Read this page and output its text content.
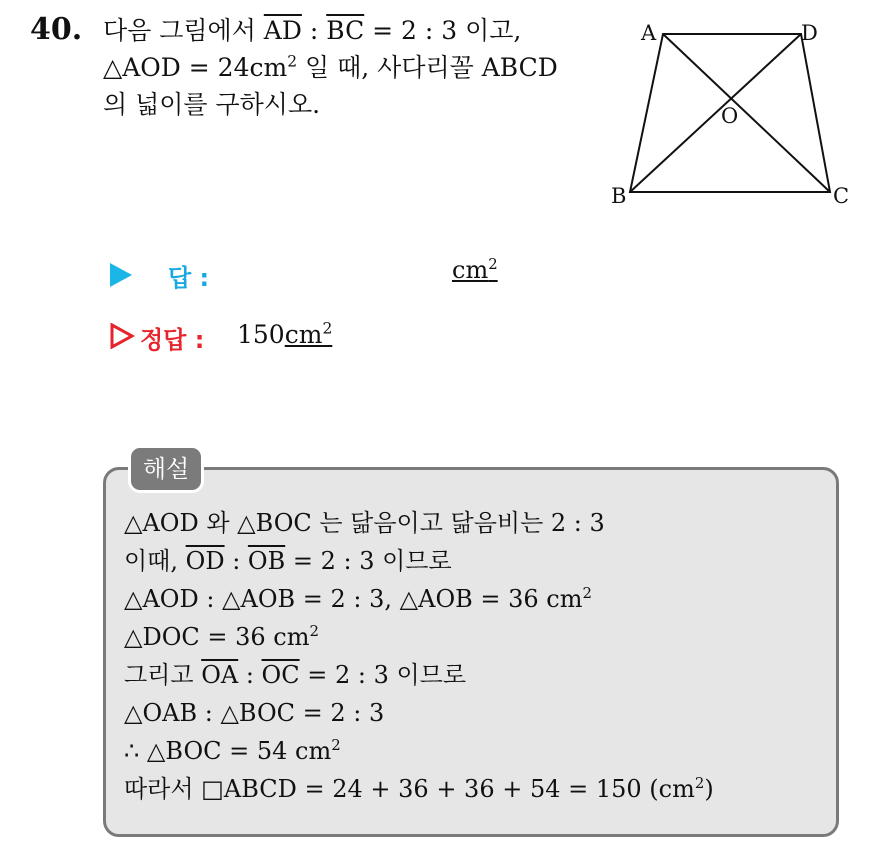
40. 다음 그림에서 $\overline{AD}$ : $\overline{BC} = 2$ : 3 이고,
△AOD = $24cm^2$ 일 때, 사다리꼴 ABCD
의 넓이를 구하시오.
A	D
B	C
O
답 :	$cm^2$
정답 : $150cm^2$
해설
△AOD 와 △BOC 는 닮음이고 닮음비는 2 : 3
이때, $\overline{OD}$ : $\overline{OB} = 2$ : 3 이므로
△AOD : △AOB = 2 : 3, △AOB = 36 $cm^2$
△DOC = 36 $cm^2$
그리고 $\overline{OA}$ : $\overline{OC} = 2$ : 3 이므로
△OAB : △BOC = 2 : 3
∴ △BOC = 54 $cm^2$
따라서 □ABCD = 24 + 36 + 36 + 54 = 150 $(cm^2)$
